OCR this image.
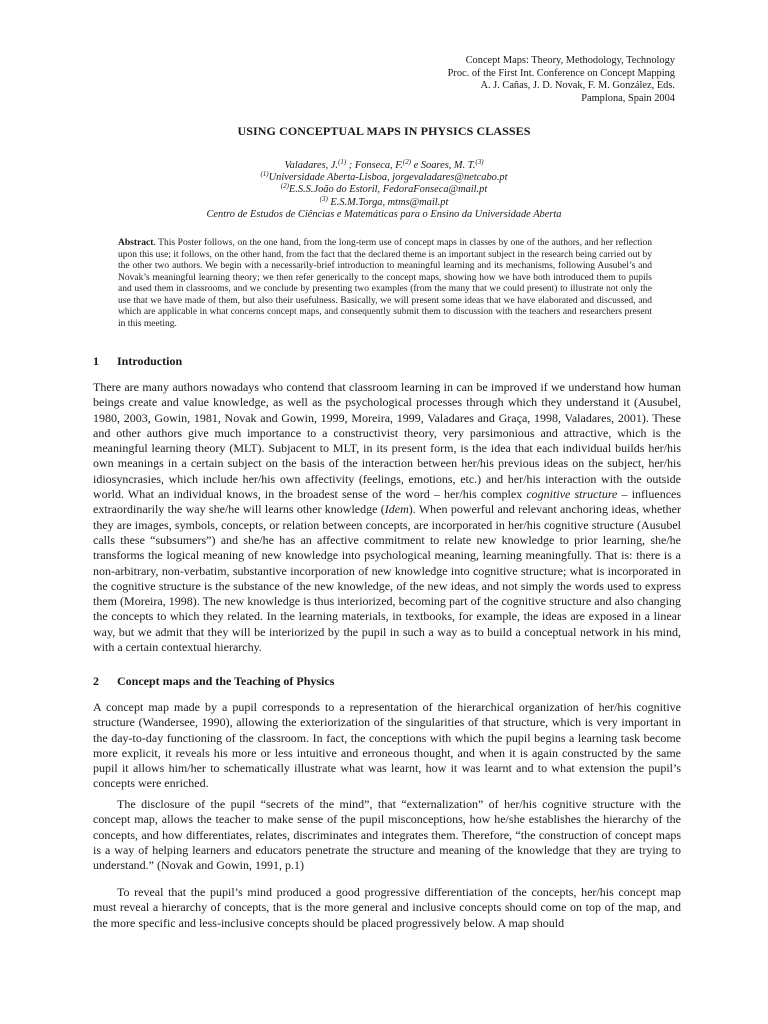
Concept Maps: Theory, Methodology, Technology
Proc. of the First Int. Conference on Concept Mapping
A. J. Cañas, J. D. Novak, F. M. González, Eds.
Pamplona, Spain 2004
USING CONCEPTUAL MAPS IN PHYSICS CLASSES
Valadares, J.$^{(1)}$ ; Fonseca, F.$^{(2)}$ e Soares, M. T.$^{(3)}$
$^{(1)}$Universidade Aberta-Lisboa, jorgevaladares@netcabo.pt
$^{(2)}$E.S.S.João do Estoril, FedoraFonseca@mail.pt
$^{(3)}$ E.S.M.Torga, mtms@mail.pt
Centro de Estudos de Ciências e Matemáticas para o Ensino da Universidade Aberta
Abstract. This Poster follows, on the one hand, from the long-term use of concept maps in classes by one of the authors, and her reflection upon this use; it follows, on the other hand, from the fact that the declared theme is an important subject in the research being carried out by the other two authors. We begin with a necessarily-brief introduction to meaningful learning and its mechanisms, following Ausubel’s and Novak’s meaningful learning theory; we then refer generically to the concept maps, showing how we have both introduced them to pupils and used them in classrooms, and we conclude by presenting two examples (from the many that we could present) to illustrate not only the use that we have made of them, but also their usefulness. Basically, we will present some ideas that we have elaborated and discussed, and which are applicable in what concerns concept maps, and consequently submit them to discussion with the teachers and researchers present in this meeting.
1 Introduction
There are many authors nowadays who contend that classroom learning in can be improved if we understand how human beings create and value knowledge, as well as the psychological processes through which they understand it (Ausubel, 1980, 2003, Gowin, 1981, Novak and Gowin, 1999, Moreira, 1999, Valadares and Graça, 1998, Valadares, 2001). These and other authors give much importance to a constructivist theory, very parsimonious and attractive, which is the meaningful learning theory (MLT). Subjacent to MLT, in its present form, is the idea that each individual builds her/his own meanings in a certain subject on the basis of the interaction between her/his previous ideas on the subject, her/his idiosyncrasies, which include her/his own affectivity (feelings, emotions, etc.) and her/his interaction with the outside world. What an individual knows, in the broadest sense of the word – her/his complex cognitive structure – influences extraordinarily the way she/he will learns other knowledge (Idem). When powerful and relevant anchoring ideas, whether they are images, symbols, concepts, or relation between concepts, are incorporated in her/his cognitive structure (Ausubel calls these “subsumers”) and she/he has an affective commitment to relate new knowledge to prior learning, she/he transforms the logical meaning of new knowledge into psychological meaning, learning meaningfully. That is: there is a non-arbitrary, non-verbatim, substantive incorporation of new knowledge into cognitive structure; what is incorporated in the cognitive structure is the substance of the new knowledge, of the new ideas, and not simply the words used to express them (Moreira, 1998). The new knowledge is thus interiorized, becoming part of the cognitive structure and also changing the concepts to which they related. In the learning materials, in textbooks, for example, the ideas are exposed in a linear way, but we admit that they will be interiorized by the pupil in such a way as to build a conceptual network in his mind, with a certain contextual hierarchy.
2 Concept maps and the Teaching of Physics
A concept map made by a pupil corresponds to a representation of the hierarchical organization of her/his cognitive structure (Wandersee, 1990), allowing the exteriorization of the singularities of that structure, which is very important in the day-to-day functioning of the classroom. In fact, the conceptions with which the pupil begins a learning task become more explicit, it reveals his more or less intuitive and erroneous thought, and when it is again constructed by the same pupil it allows him/her to schematically illustrate what was learnt, how it was learnt and to what extension the pupil’s concepts were enriched.
The disclosure of the pupil “secrets of the mind”, that “externalization” of her/his cognitive structure with the concept map, allows the teacher to make sense of the pupil misconceptions, how he/she establishes the hierarchy of the concepts, and how differentiates, relates, discriminates and integrates them. Therefore, “the construction of concept maps is a way of helping learners and educators penetrate the structure and meaning of the knowledge that they are trying to understand.” (Novak and Gowin, 1991, p.1)
To reveal that the pupil’s mind produced a good progressive differentiation of the concepts, her/his concept map must reveal a hierarchy of concepts, that is the more general and inclusive concepts should come on top of the map, and the more specific and less-inclusive concepts should be placed progressively below. A map should
